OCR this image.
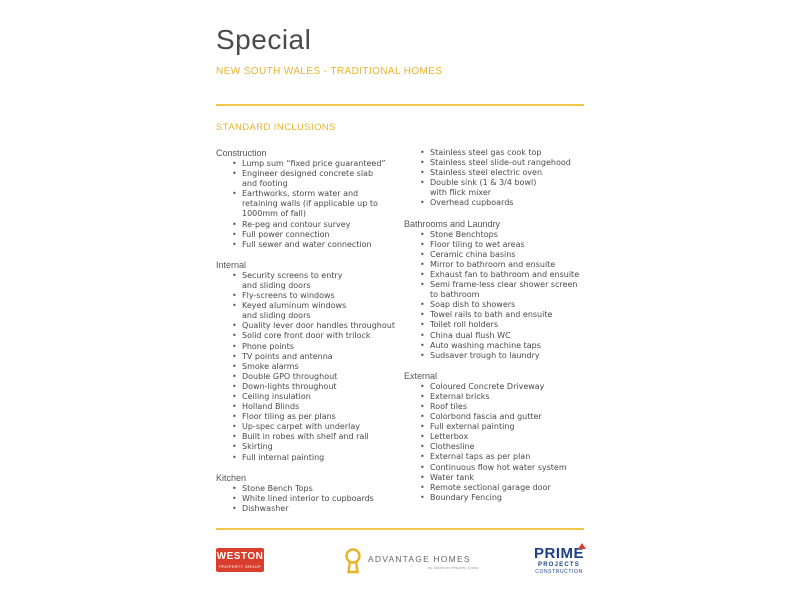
Special
NEW SOUTH WALES - TRADITIONAL HOMES
STANDARD INCLUSIONS
Construction
• Lump sum “fixed price guaranteed”
• Engineer designed concrete slab
and footing
• Earthworks, storm water and
retaining walls (if applicable up to
1000mm of fall)
• Re-peg and contour survey
• Full power connection
• Full sewer and water connection
Internal
• Security screens to entry
and sliding doors
• Fly-screens to windows
• Keyed aluminum windows
and sliding doors
• Quality lever door handles throughout
• Solid core front door with trilock
• Phone points
• TV points and antenna
• Smoke alarms
• Double GPO throughout
• Down-lights throughout
• Ceiling insulation
• Holland Blinds
• Floor tiling as per plans
• Up-spec carpet with underlay
• Built in robes with shelf and rail
• Skirting
• Full internal painting
Kitchen
• Stone Bench Tops
• White lined interior to cupboards
• Dishwasher
• Stainless steel gas cook top
• Stainless steel slide-out rangehood
• Stainless steel electric oven
• Double sink (1 & 3/4 bowl)
with flick mixer
• Overhead cupboards
Bathrooms and Laundry
• Stone Benchtops
• Floor tiling to wet areas
• Ceramic china basins
• Mirror to bathroom and ensuite
• Exhaust fan to bathroom and ensuite
• Semi frame-less clear shower screen
to bathroom
• Soap dish to showers
• Towel rails to bath and ensuite
• Toilet roll holders
• China dual flush WC
• Auto washing machine taps
• Sudsaver trough to laundry
External
• Coloured Concrete Driveway
• External bricks
• Roof tiles
• Colorbond fascia and gutter
• Full external painting
• Letterbox
• Clothesline
• External taps as per plan
• Continuous flow hot water system
• Water tank
• Remote sectional garage door
• Boundary Fencing
WESTON
PROPERTY GROUP
ADVANTAGE HOMES
by Advanced Property Group
PRIME
PROJECTS
CONSTRUCTION
